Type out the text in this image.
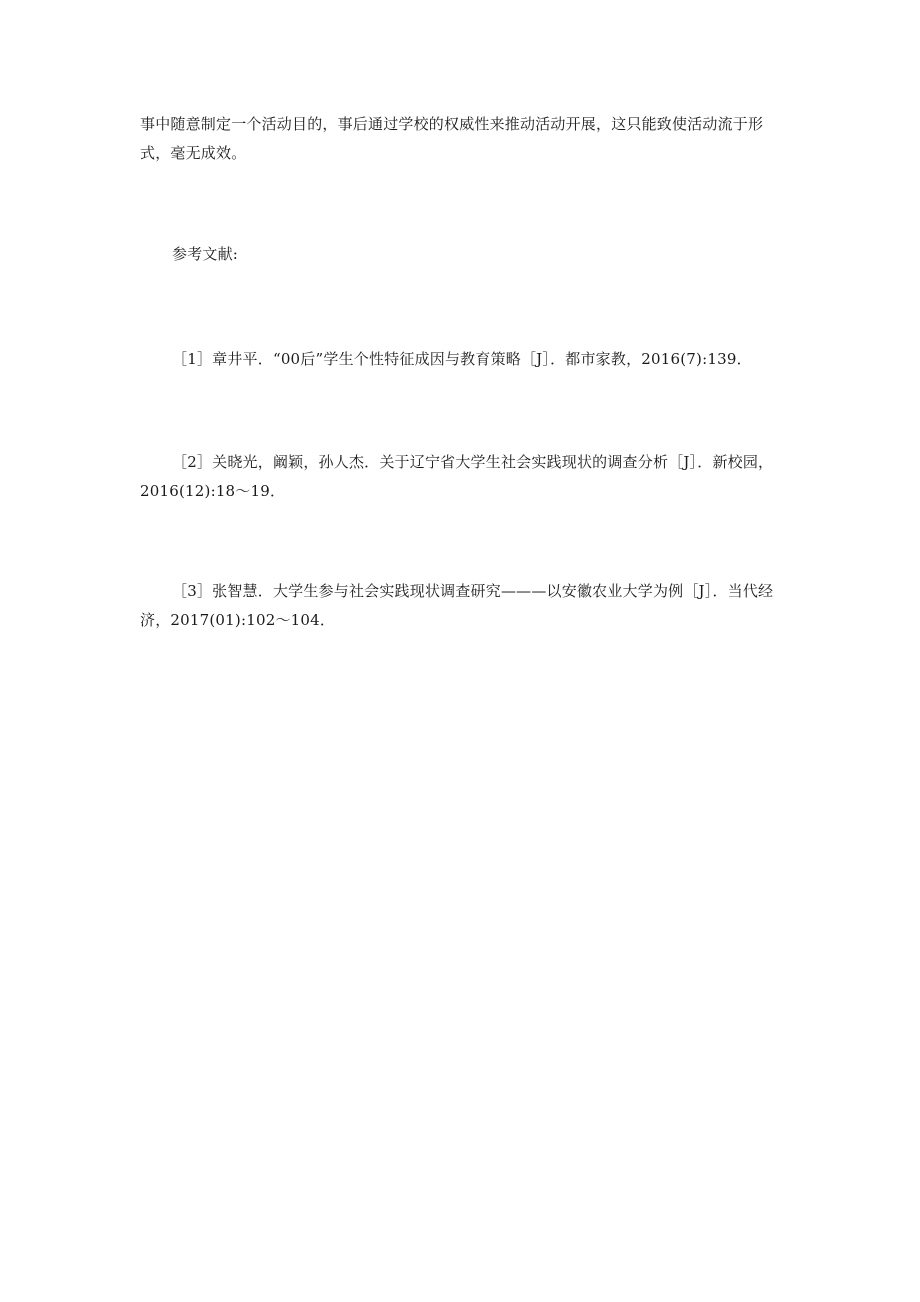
事中随意制定一个活动目的，事后通过学校的权威性来推动活动开展，这只能致使活动流于形式，毫无成效。

参考文献:

［1］章井平．“00后”学生个性特征成因与教育策略［J］．都市家教，2016(7):139．

［2］关晓光，阚颖，孙人杰．关于辽宁省大学生社会实践现状的调查分析［J］．新校园，2016(12):18～19．

［3］张智慧．大学生参与社会实践现状调查研究———以安徽农业大学为例［J］．当代经济，2017(01):102～104．
